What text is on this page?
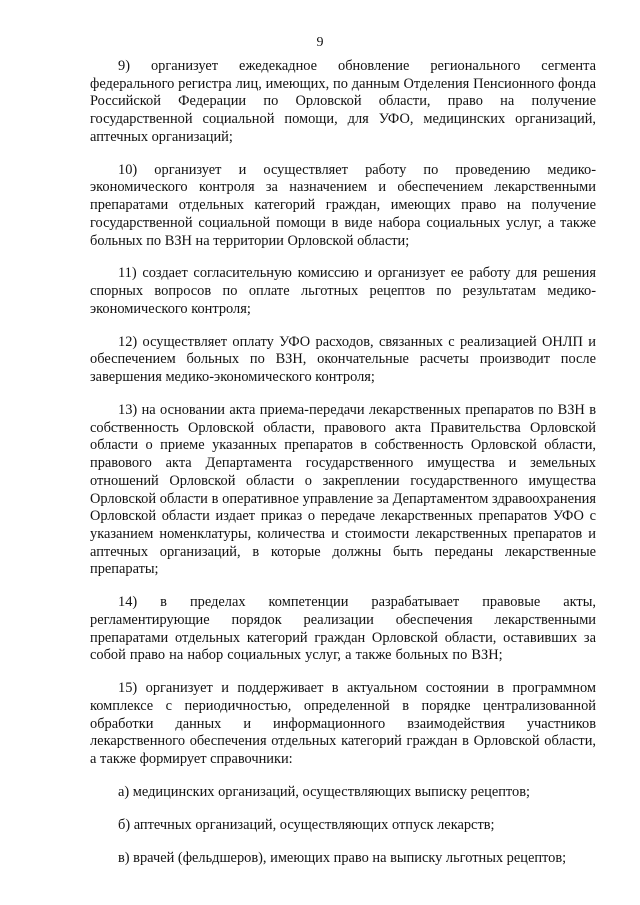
9

9) организует ежедекадное обновление регионального сегмента федерального регистра лиц, имеющих, по данным Отделения Пенсионного фонда Российской Федерации по Орловской области, право на получение государственной социальной помощи, для УФО, медицинских организаций, аптечных организаций;

10) организует и осуществляет работу по проведению медико-экономического контроля за назначением и обеспечением лекарственными препаратами отдельных категорий граждан, имеющих право на получение государственной социальной помощи в виде набора социальных услуг, а также больных по ВЗН на территории Орловской области;

11) создает согласительную комиссию и организует ее работу для решения спорных вопросов по оплате льготных рецептов по результатам медико-экономического контроля;

12) осуществляет оплату УФО расходов, связанных с реализацией ОНЛП и обеспечением больных по ВЗН, окончательные расчеты производит после завершения медико-экономического контроля;

13) на основании акта приема-передачи лекарственных препаратов по ВЗН в собственность Орловской области, правового акта Правительства Орловской области о приеме указанных препаратов в собственность Орловской области, правового акта Департамента государственного имущества и земельных отношений Орловской области о закреплении государственного имущества Орловской области в оперативное управление за Департаментом здравоохранения Орловской области издает приказ о передаче лекарственных препаратов УФО с указанием номенклатуры, количества и стоимости лекарственных препаратов и аптечных организаций, в которые должны быть переданы лекарственные препараты;

14) в пределах компетенции разрабатывает правовые акты, регламентирующие порядок реализации обеспечения лекарственными препаратами отдельных категорий граждан Орловской области, оставивших за собой право на набор социальных услуг, а также больных по ВЗН;

15) организует и поддерживает в актуальном состоянии в программном комплексе с периодичностью, определенной в порядке централизованной обработки данных и информационного взаимодействия участников лекарственного обеспечения отдельных категорий граждан в Орловской области, а также формирует справочники:

а) медицинских организаций, осуществляющих выписку рецептов;

б) аптечных организаций, осуществляющих отпуск лекарств;

в) врачей (фельдшеров), имеющих право на выписку льготных рецептов;
